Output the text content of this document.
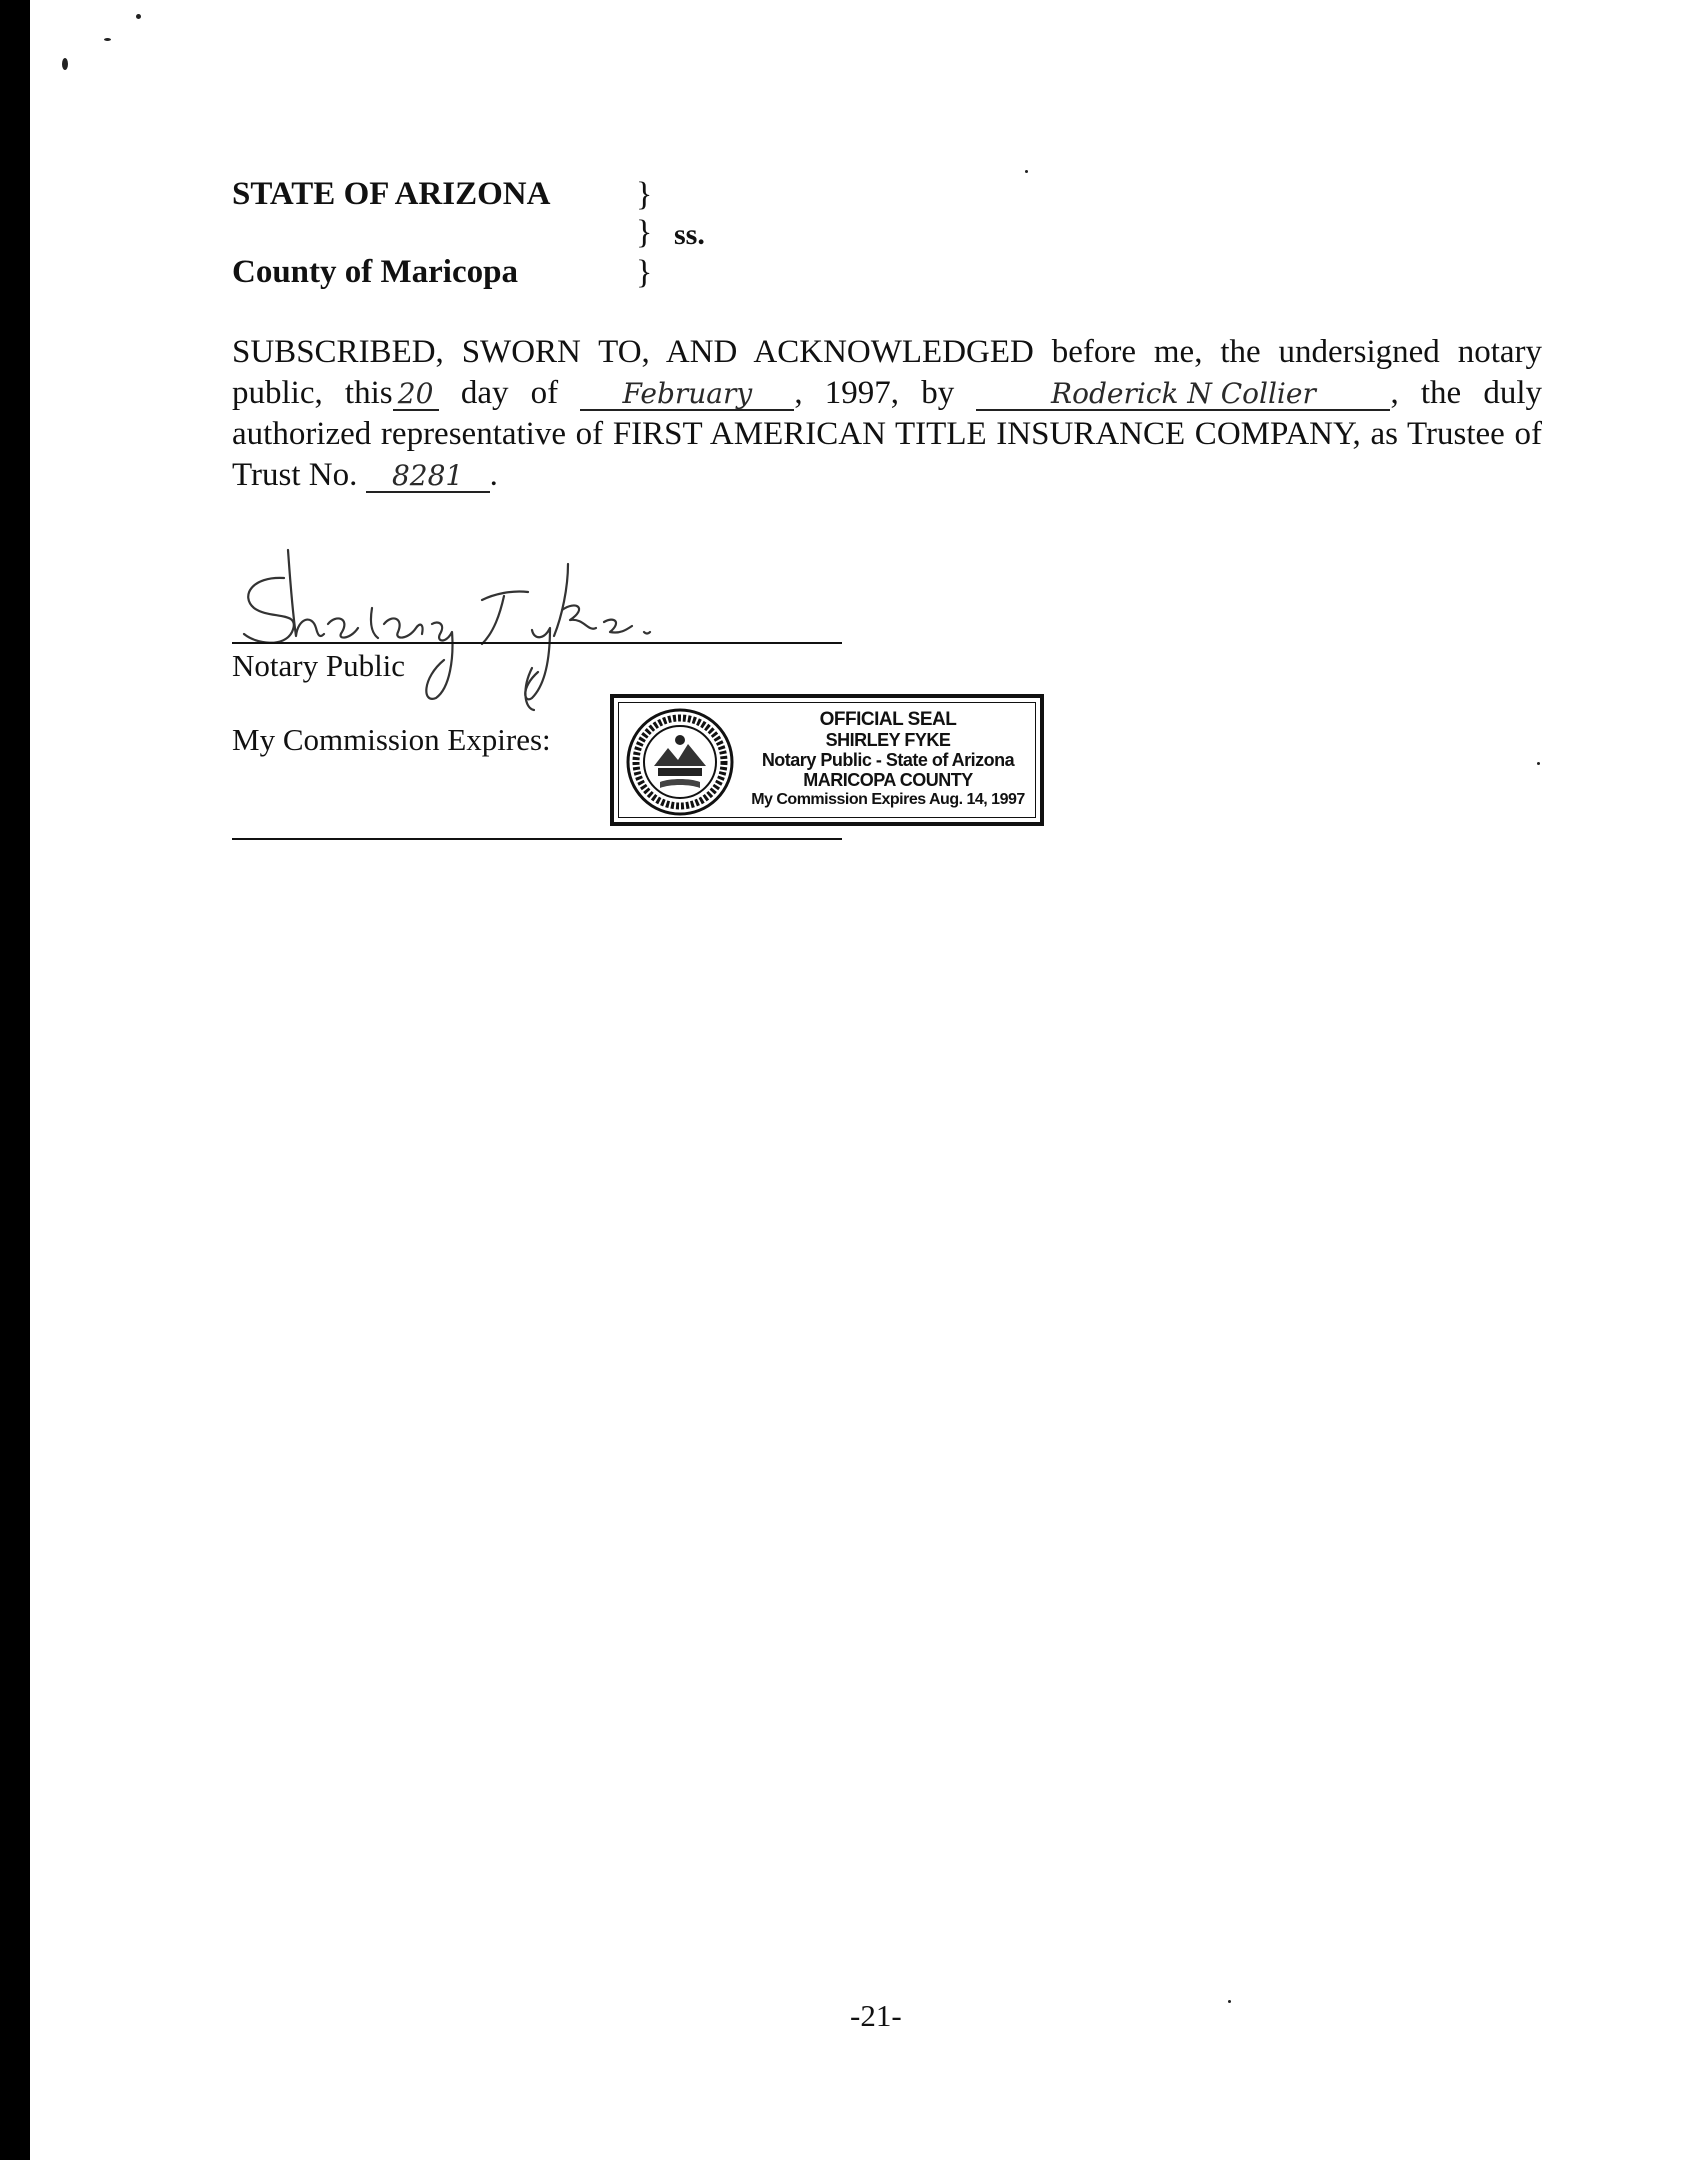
STATE OF ARIZONA	}
} ss.
}
County of Maricopa
SUBSCRIBED, SWORN TO, AND ACKNOWLEDGED before me, the undersigned notary public, this 20 day of February , 1997, by	Roderick N Collier , the duly authorized representative of FIRST AMERICAN TITLE INSURANCE COMPANY, as Trustee of Trust No. 8281 .
Notary Public
My Commission Expires:
OFFICIAL SEAL
SHIRLEY FYKE
Notary Public - State of Arizona
MARICOPA COUNTY
My Commission Expires Aug. 14, 1997
-21-
